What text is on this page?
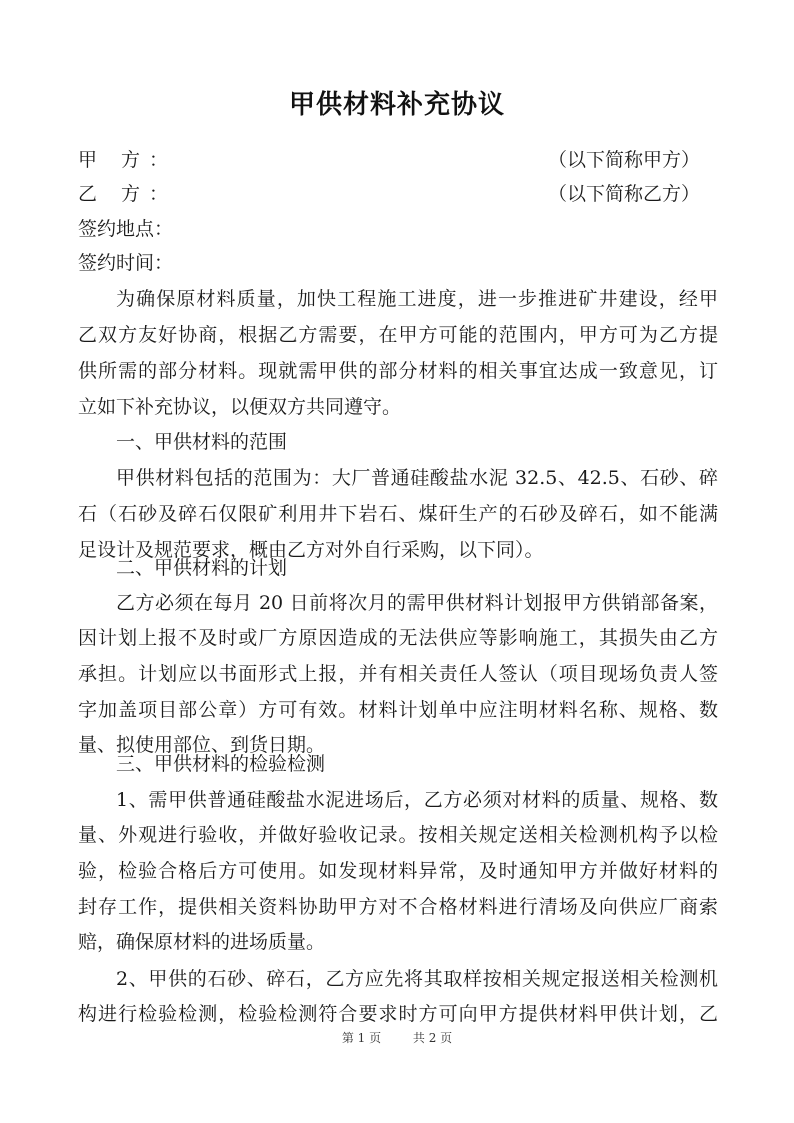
甲供材料补充协议
甲 方：	（以下简称甲方）
乙 方：	（以下简称乙方）
签约地点：
签约时间：
为确保原材料质量，加快工程施工进度，进一步推进矿井建设，经甲
乙双方友好协商，根据乙方需要，在甲方可能的范围内，甲方可为乙方提
供所需的部分材料。现就需甲供的部分材料的相关事宜达成一致意见，订
立如下补充协议，以便双方共同遵守。
一、甲供材料的范围
甲供材料包括的范围为：大厂普通硅酸盐水泥 32.5、42.5、石砂、碎
石（石砂及碎石仅限矿利用井下岩石、煤矸生产的石砂及碎石，如不能满
足设计及规范要求，概由乙方对外自行采购，以下同）。
二、甲供材料的计划
乙方必须在每月 20 日前将次月的需甲供材料计划报甲方供销部备案，
因计划上报不及时或厂方原因造成的无法供应等影响施工，其损失由乙方
承担。计划应以书面形式上报，并有相关责任人签认（项目现场负责人签
字加盖项目部公章）方可有效。材料计划单中应注明材料名称、规格、数
量、拟使用部位、到货日期。
三、甲供材料的检验检测
1、需甲供普通硅酸盐水泥进场后，乙方必须对材料的质量、规格、数
量、外观进行验收，并做好验收记录。按相关规定送相关检测机构予以检
验，检验合格后方可使用。如发现材料异常，及时通知甲方并做好材料的
封存工作，提供相关资料协助甲方对不合格材料进行清场及向供应厂商索
赔，确保原材料的进场质量。
2、甲供的石砂、碎石，乙方应先将其取样按相关规定报送相关检测机
构进行检验检测，检验检测符合要求时方可向甲方提供材料甲供计划，乙
第 1 页	共 2 页
